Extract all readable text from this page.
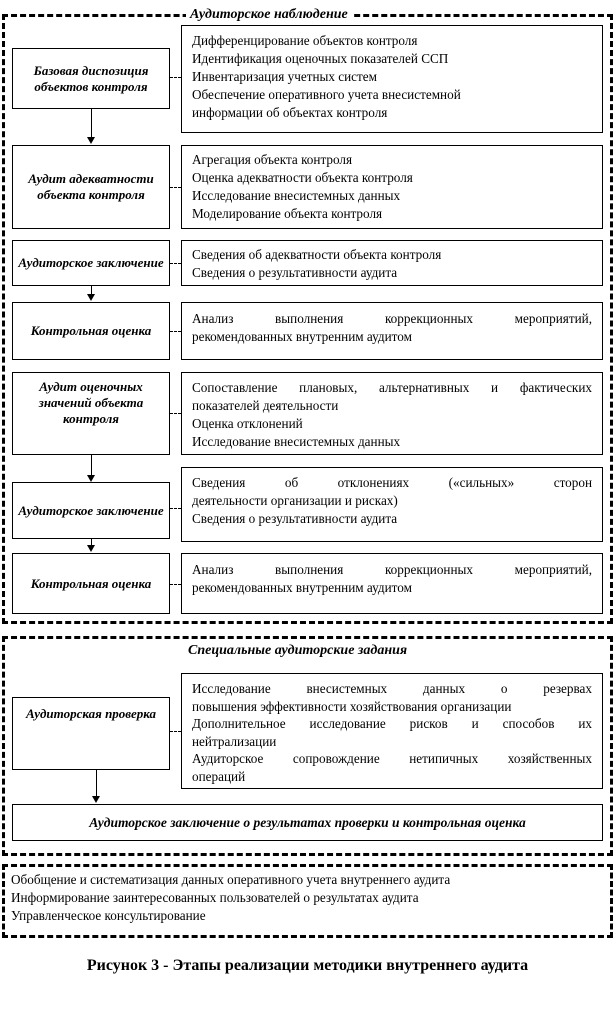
Аудиторское наблюдение
Базовая диспозиция объектов контроля
Дифференцирование объектов контроля
Идентификация оценочных показателей ССП
Инвентаризация учетных систем
Обеспечение оперативного учета внесистемной
информации об объектах контроля
Аудит адекватности объекта контроля
Агрегация объекта контроля
Оценка адекватности объекта контроля
Исследование внесистемных данных
Моделирование объекта контроля
Аудиторское заключение
Сведения об адекватности объекта контроля
Сведения о результативности аудита
Контрольная оценка
Анализ выполнения коррекционных мероприятий,
рекомендованных внутренним аудитом
Аудит оценочных значений объекта контроля
Сопоставление плановых, альтернативных и фактических
показателей деятельности
Оценка отклонений
Исследование внесистемных данных
Аудиторское заключение
Сведения об отклонениях («сильных» сторон
деятельности организации и рисках)
Сведения о результативности аудита
Контрольная оценка
Анализ выполнения коррекционных мероприятий,
рекомендованных внутренним аудитом
Специальные аудиторские задания
Аудиторская проверка
Исследование внесистемных данных о резервах
повышения эффективности хозяйствования организации
Дополнительное исследование рисков и способов их
нейтрализации
Аудиторское сопровождение нетипичных хозяйственных
операций
Аудиторское заключение о результатах проверки и контрольная оценка
Обобщение и систематизация данных оперативного учета внутреннего аудита
Информирование заинтересованных пользователей о результатах аудита
Управленческое консультирование
Рисунок 3 - Этапы реализации методики внутреннего аудита
